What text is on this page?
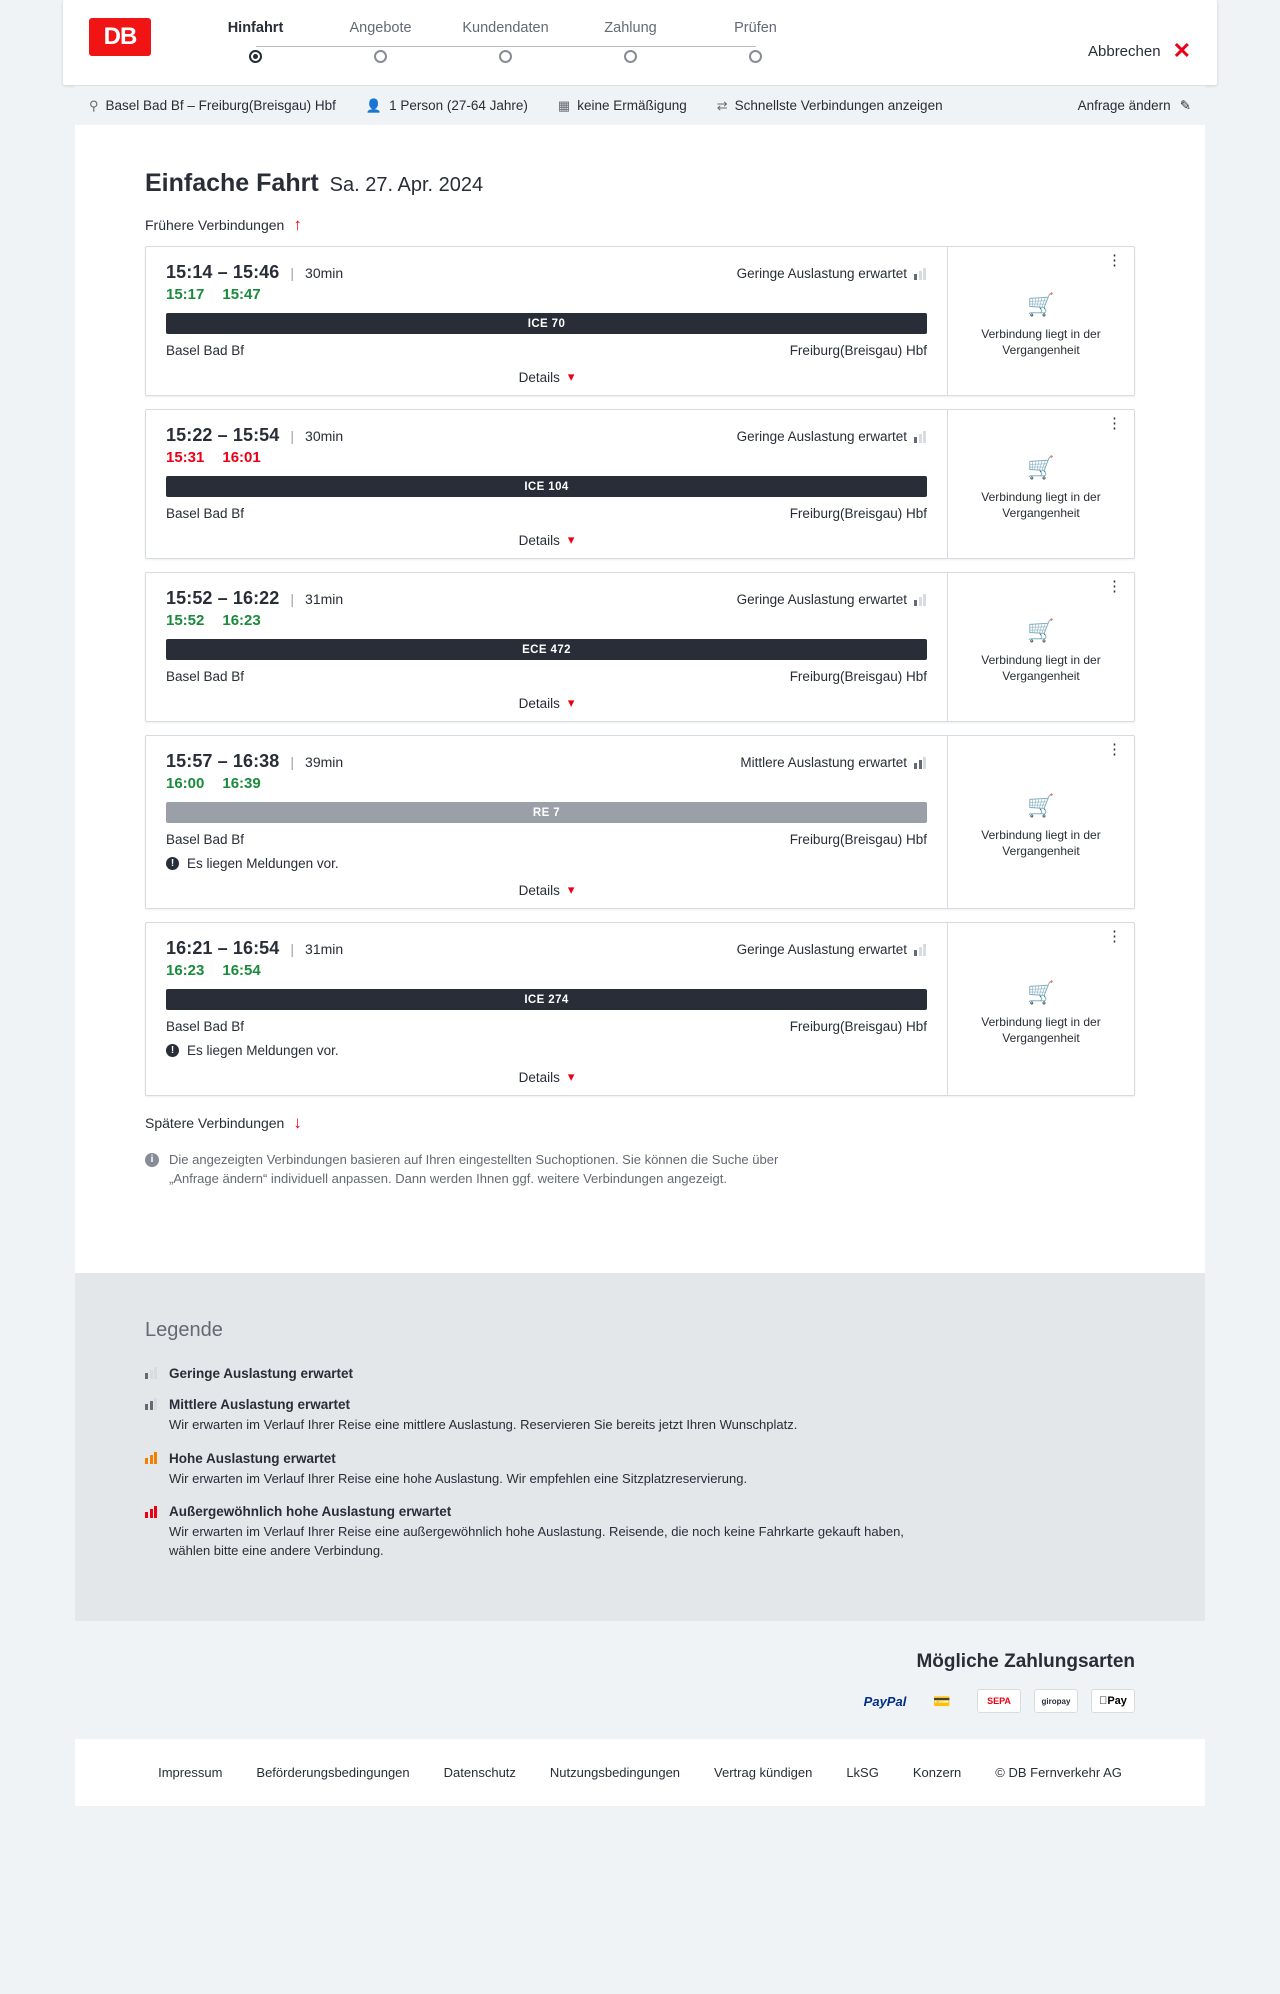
DB	Hinfahrt	Angebote	Kundendaten	Zahlung	Prüfen
Abbrechen ✕
⚲ Basel Bad Bf – Freiburg(Breisgau) Hbf 👤 1 Person (27-64 Jahre) ▦ keine Ermäßigung ⇄ Schnellste Verbindungen anzeigen	Anfrage ändern ✎
Einfache Fahrt Sa. 27. Apr. 2024
Frühere Verbindungen ↑
15:14 – 15:46 | 30min	Geringe Auslastung erwartet
15:17 15:47
ICE 70
Basel Bad Bf	Freiburg(Breisgau) Hbf
Details ▾
⋮
🛒
Verbindung liegt in der Vergangenheit
15:22 – 15:54 | 30min	Geringe Auslastung erwartet
15:31 16:01
ICE 104
Basel Bad Bf	Freiburg(Breisgau) Hbf
Details ▾
⋮
🛒
Verbindung liegt in der Vergangenheit
15:52 – 16:22 | 31min	Geringe Auslastung erwartet
15:52 16:23
ECE 472
Basel Bad Bf	Freiburg(Breisgau) Hbf
Details ▾
⋮
🛒
Verbindung liegt in der Vergangenheit
15:57 – 16:38 | 39min	Mittlere Auslastung erwartet
16:00 16:39
RE 7
Basel Bad Bf	Freiburg(Breisgau) Hbf
! Es liegen Meldungen vor.
Details ▾
⋮
🛒
Verbindung liegt in der Vergangenheit
16:21 – 16:54 | 31min	Geringe Auslastung erwartet
16:23 16:54
ICE 274
Basel Bad Bf	Freiburg(Breisgau) Hbf
! Es liegen Meldungen vor.
Details ▾
⋮
🛒
Verbindung liegt in der Vergangenheit
Spätere Verbindungen ↓
i	Die angezeigten Verbindungen basieren auf Ihren eingestellten Suchoptionen. Sie können die Suche über „Anfrage ändern“ individuell anpassen. Dann werden Ihnen ggf. weitere Verbindungen angezeigt.
Legende
Geringe Auslastung erwartet
Mittlere Auslastung erwartet
Wir erwarten im Verlauf Ihrer Reise eine mittlere Auslastung. Reservieren Sie bereits jetzt Ihren Wunschplatz.
Hohe Auslastung erwartet
Wir erwarten im Verlauf Ihrer Reise eine hohe Auslastung. Wir empfehlen eine Sitzplatzreservierung.
Außergewöhnlich hohe Auslastung erwartet
Wir erwarten im Verlauf Ihrer Reise eine außergewöhnlich hohe Auslastung. Reisende, die noch keine Fahrkarte gekauft haben, wählen bitte eine andere Verbindung.
Mögliche Zahlungsarten
PayPal	💳	SEPA	giropay	Pay
Impressum	Beförderungsbedingungen	Datenschutz	Nutzungsbedingungen	Vertrag kündigen	LkSG	Konzern	© DB Fernverkehr AG
